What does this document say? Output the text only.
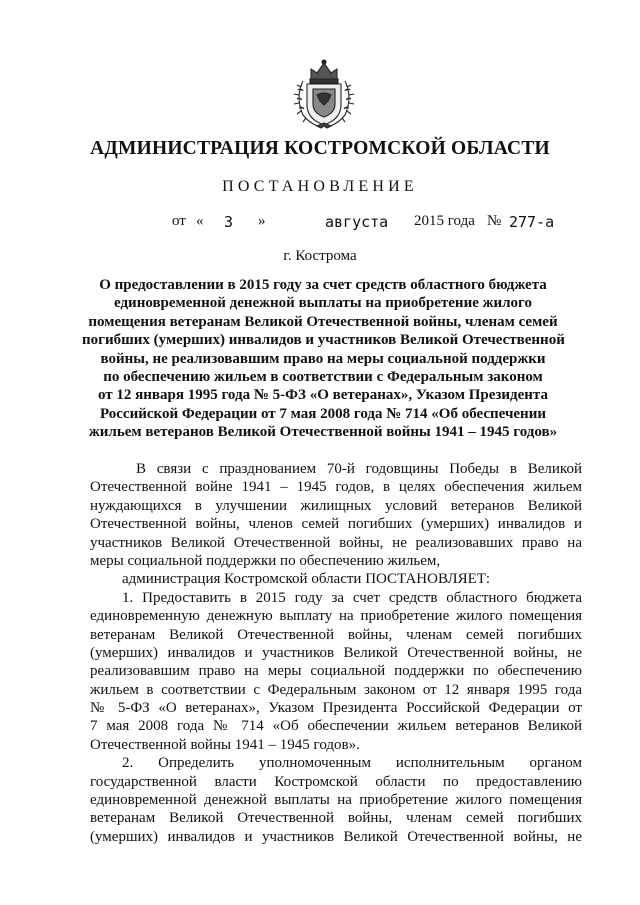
АДМИНИСТРАЦИЯ КОСТРОМСКОЙ ОБЛАСТИ
ПОСТАНОВЛЕНИЕ
от « 3 »	августа 2015 года № 277-а
г. Кострома
О предоставлении в 2015 году за счет средств областного бюджета
единовременной денежной выплаты на приобретение жилого
помещения ветеранам Великой Отечественной войны, членам семей
погибших (умерших) инвалидов и участников Великой Отечественной
войны, не реализовавшим право на меры социальной поддержки
по обеспечению жильем в соответствии с Федеральным законом
от 12 января 1995 года № 5-ФЗ «О ветеранах», Указом Президента
Российской Федерации от 7 мая 2008 года № 714 «Об обеспечении
жильем ветеранов Великой Отечественной войны 1941 – 1945 годов»
В связи с празднованием 70-й годовщины Победы в Великой
Отечественной войне 1941 – 1945 годов, в целях обеспечения жильем
нуждающихся в улучшении жилищных условий ветеранов Великой
Отечественной войны, членов семей погибших (умерших) инвалидов и
участников Великой Отечественной войны, не реализовавших право на
меры социальной поддержки по обеспечению жильем,
администрация Костромской области ПОСТАНОВЛЯЕТ:
1. Предоставить в 2015 году за счет средств областного бюджета
единовременную денежную выплату на приобретение жилого помещения
ветеранам Великой Отечественной войны, членам семей погибших
(умерших) инвалидов и участников Великой Отечественной войны, не
реализовавшим право на меры социальной поддержки по обеспечению
жильем в соответствии с Федеральным законом от 12 января 1995 года
№ 5-ФЗ «О ветеранах», Указом Президента Российской Федерации от
7 мая 2008 года № 714 «Об обеспечении жильем ветеранов Великой
Отечественной войны 1941 – 1945 годов».
2. Определить уполномоченным исполнительным органом
государственной власти Костромской области по предоставлению
единовременной денежной выплаты на приобретение жилого помещения
ветеранам Великой Отечественной войны, членам семей погибших
(умерших) инвалидов и участников Великой Отечественной войны, не
